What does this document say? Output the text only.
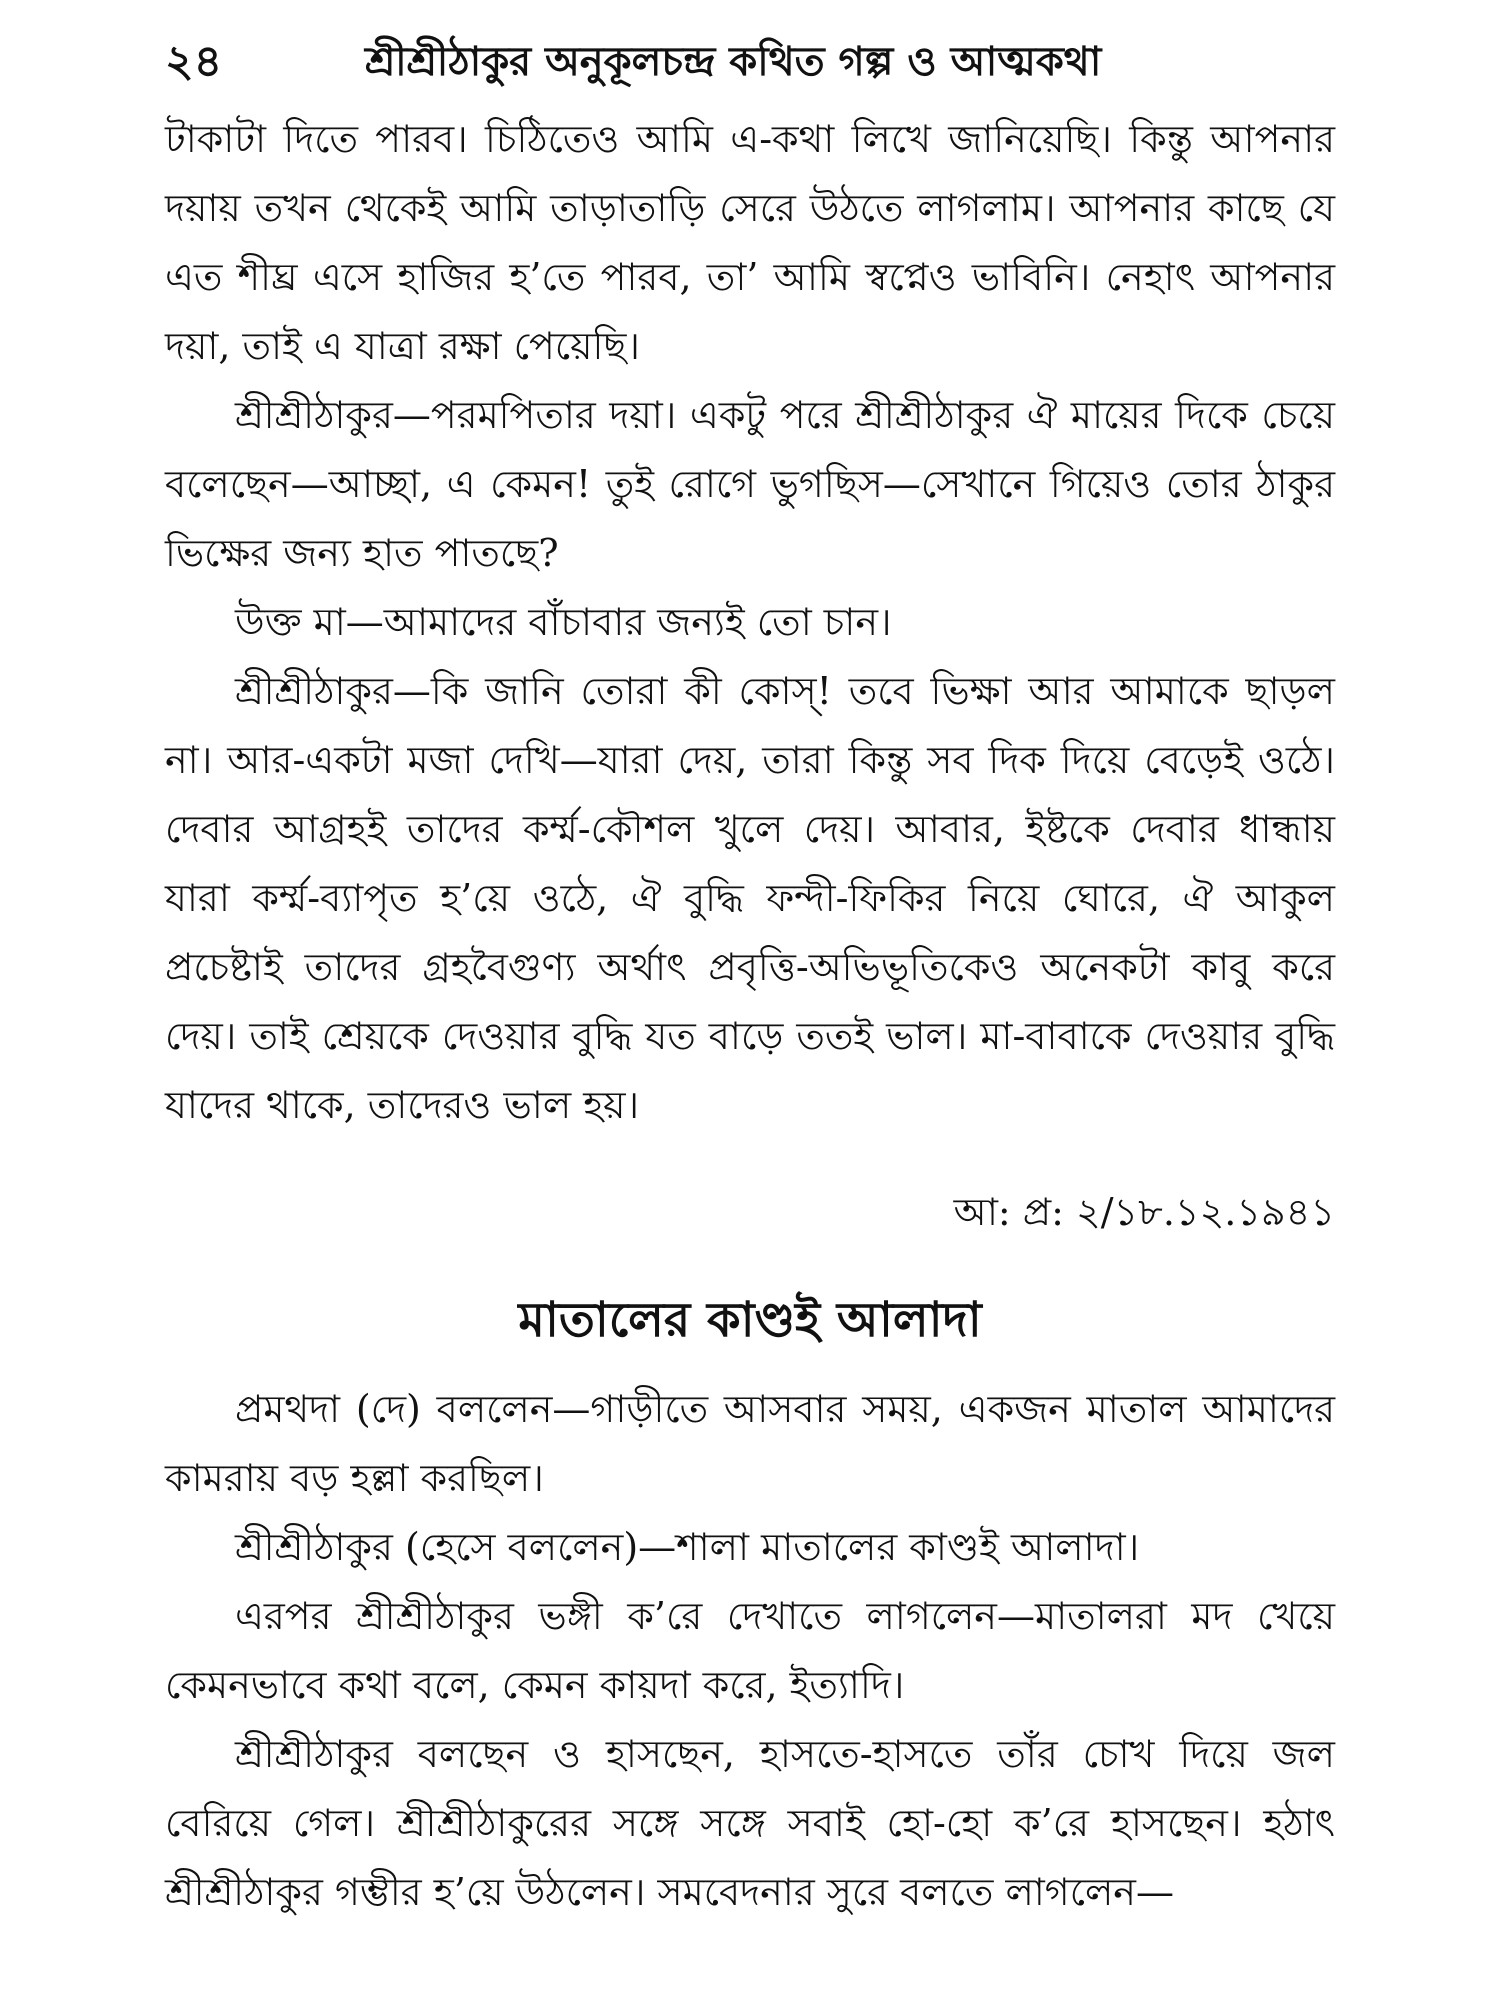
২৪	শ্রীশ্রীঠাকুর অনুকূলচন্দ্র কথিত গল্প ও আত্মকথা

টাকাটা দিতে পারব। চিঠিতেও আমি এ-কথা লিখে জানিয়েছি। কিন্তু আপনার দয়ায় তখন থেকেই আমি তাড়াতাড়ি সেরে উঠতে লাগলাম। আপনার কাছে যে এত শীঘ্র এসে হাজির হ’তে পারব, তা’ আমি স্বপ্নেও ভাবিনি। নেহাৎ আপনার দয়া, তাই এ যাত্রা রক্ষা পেয়েছি।

শ্রীশ্রীঠাকুর—পরমপিতার দয়া। একটু পরে শ্রীশ্রীঠাকুর ঐ মায়ের দিকে চেয়ে বলেছেন—আচ্ছা, এ কেমন! তুই রোগে ভুগছিস—সেখানে গিয়েও তোর ঠাকুর ভিক্ষের জন্য হাত পাতছে?

উক্ত মা—আমাদের বাঁচাবার জন্যই তো চান।

শ্রীশ্রীঠাকুর—কি জানি তোরা কী কোস্! তবে ভিক্ষা আর আমাকে ছাড়ল না। আর-একটা মজা দেখি—যারা দেয়, তারা কিন্তু সব দিক দিয়ে বেড়েই ওঠে। দেবার আগ্রহই তাদের কর্ম্ম-কৌশল খুলে দেয়। আবার, ইষ্টকে দেবার ধান্ধায় যারা কর্ম্ম-ব্যাপৃত হ’য়ে ওঠে, ঐ বুদ্ধি ফন্দী-ফিকির নিয়ে ঘোরে, ঐ আকুল প্রচেষ্টাই তাদের গ্রহবৈগুণ্য অর্থাৎ প্রবৃত্তি-অভিভূতিকেও অনেকটা কাবু করে দেয়। তাই শ্রেয়কে দেওয়ার বুদ্ধি যত বাড়ে ততই ভাল। মা-বাবাকে দেওয়ার বুদ্ধি যাদের থাকে, তাদেরও ভাল হয়।

আ: প্র: ২/১৮.১২.১৯৪১
মাতালের কাণ্ডই আলাদা

প্রমথদা (দে) বললেন—গাড়ীতে আসবার সময়, একজন মাতাল আমাদের কামরায় বড় হল্লা করছিল।

শ্রীশ্রীঠাকুর (হেসে বললেন)—শালা মাতালের কাণ্ডই আলাদা।

এরপর শ্রীশ্রীঠাকুর ভঙ্গী ক’রে দেখাতে লাগলেন—মাতালরা মদ খেয়ে কেমনভাবে কথা বলে, কেমন কায়দা করে, ইত্যাদি।

শ্রীশ্রীঠাকুর বলছেন ও হাসছেন, হাসতে-হাসতে তাঁর চোখ দিয়ে জল বেরিয়ে গেল। শ্রীশ্রীঠাকুরের সঙ্গে সঙ্গে সবাই হো-হো ক’রে হাসছেন। হঠাৎ শ্রীশ্রীঠাকুর গম্ভীর হ’য়ে উঠলেন। সমবেদনার সুরে বলতে লাগলেন—
